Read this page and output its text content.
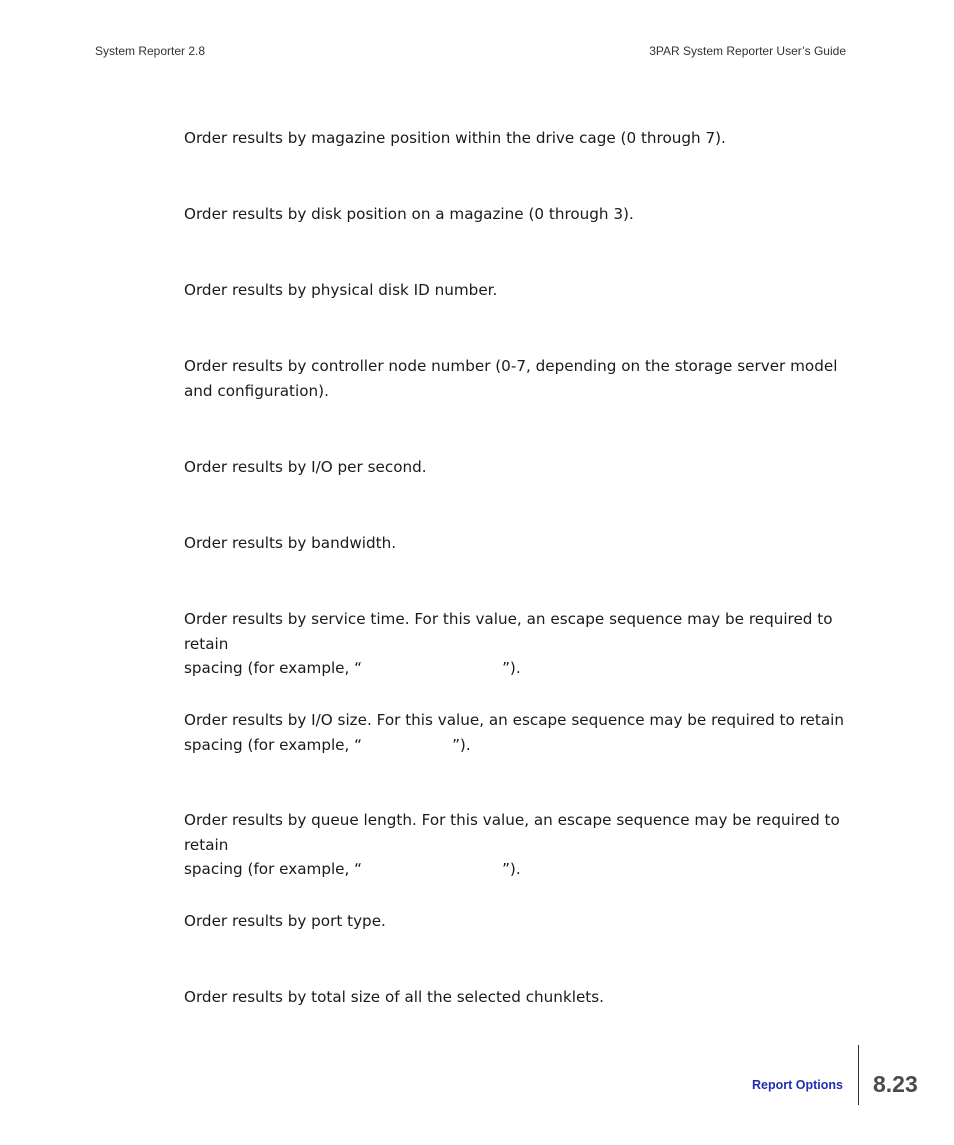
System Reporter 2.8	3PAR System Reporter User’s Guide

Order results by magazine position within the drive cage (0 through 7).

Order results by disk position on a magazine (0 through 3).

Order results by physical disk ID number.

Order results by controller node number (0-7, depending on the storage server model and configuration).

Order results by I/O per second.

Order results by bandwidth.

Order results by service time. For this value, an escape sequence may be required to retain
spacing (for example, “	”).

Order results by I/O size. For this value, an escape sequence may be required to retain
spacing (for example, “	”).

Order results by queue length. For this value, an escape sequence may be required to retain
spacing (for example, “	”).

Order results by port type.

Order results by total size of all the selected chunklets.

Report Options 8.23
